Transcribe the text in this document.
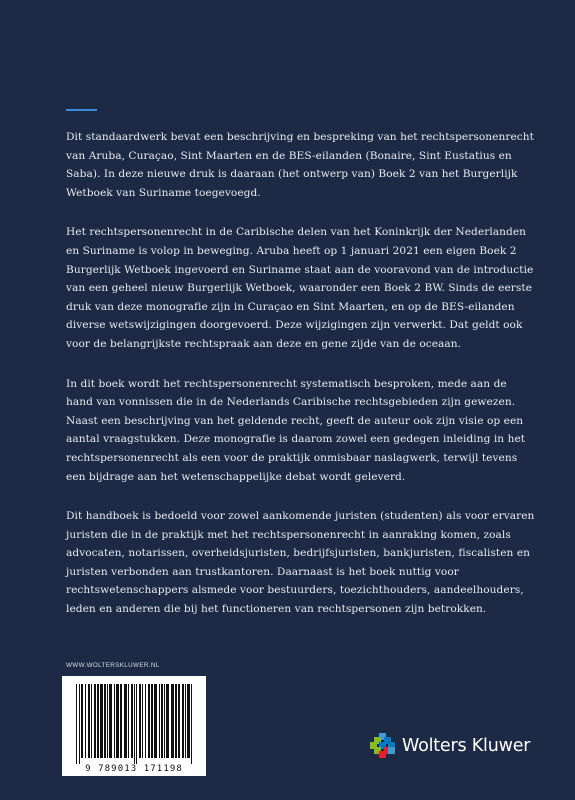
Dit standaardwerk bevat een beschrijving en bespreking van het rechtspersonenrecht van Aruba, Curaçao, Sint Maarten en de BES-eilanden (Bonaire, Sint Eustatius en Saba). In deze nieuwe druk is daaraan (het ontwerp van) Boek 2 van het Burgerlijk Wetboek van Suriname toegevoegd.

Het rechtspersonenrecht in de Caribische delen van het Koninkrijk der Nederlanden en Suriname is volop in beweging. Aruba heeft op 1 januari 2021 een eigen Boek 2 Burgerlijk Wetboek ingevoerd en Suriname staat aan de vooravond van de introductie van een geheel nieuw Burgerlijk Wetboek, waaronder een Boek 2 BW. Sinds de eerste druk van deze monografie zijn in Curaçao en Sint Maarten, en op de BES-eilanden diverse wetswijzigingen doorgevoerd. Deze wijzigingen zijn verwerkt. Dat geldt ook voor de belangrijkste rechtspraak aan deze en gene zijde van de oceaan.

In dit boek wordt het rechtspersonenrecht systematisch besproken, mede aan de hand van vonnissen die in de Nederlands Caribische rechtsgebieden zijn gewezen. Naast een beschrijving van het geldende recht, geeft de auteur ook zijn visie op een aantal vraagstukken. Deze monografie is daarom zowel een gedegen inleiding in het rechtspersonenrecht als een voor de praktijk onmisbaar naslagwerk, terwijl tevens een bijdrage aan het wetenschappelijke debat wordt geleverd.

Dit handboek is bedoeld voor zowel aankomende juristen (studenten) als voor ervaren juristen die in de praktijk met het rechtspersonenrecht in aanraking komen, zoals advocaten, notarissen, overheidsjuristen, bedrijfsjuristen, bankjuristen, fiscalisten en juristen verbonden aan trustkantoren. Daarnaast is het boek nuttig voor rechtswetenschappers alsmede voor bestuurders, toezichthouders, aandeelhouders, leden en anderen die bij het functioneren van rechtspersonen zijn betrokken.

WWW.WOLTERSKLUWER.NL
9 789013 171198
Wolters Kluwer
